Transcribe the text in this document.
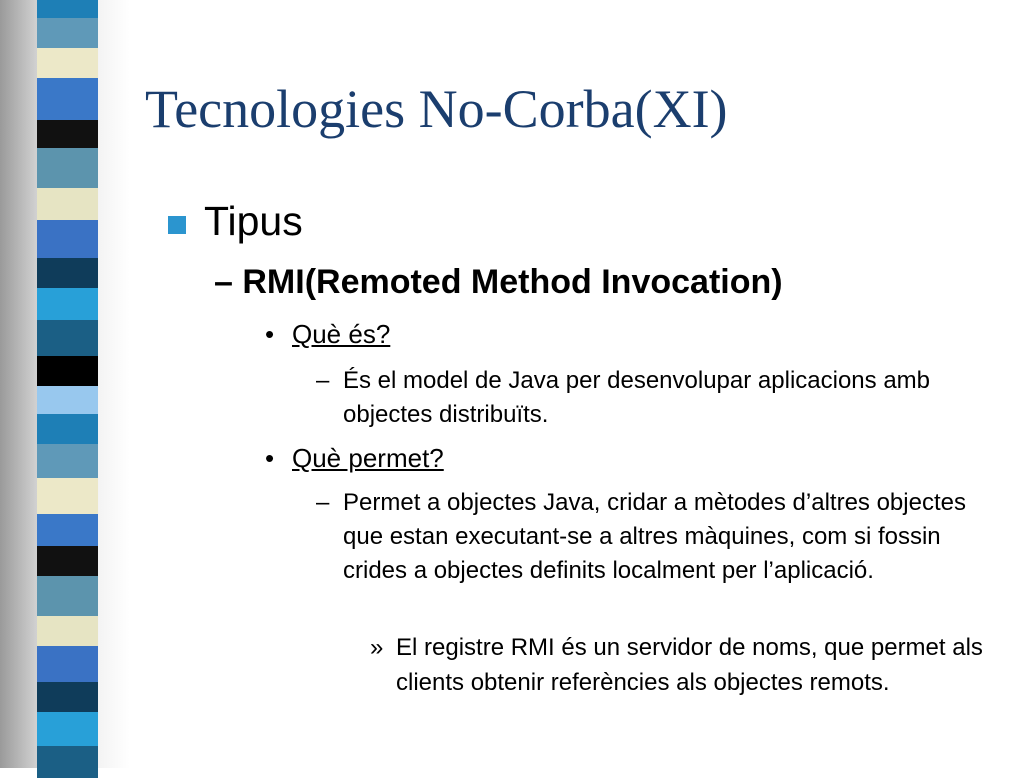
Tecnologies No-Corba(XI)
Tipus
– RMI(Remoted Method Invocation)
• Què és?
– És el model de Java per desenvolupar aplicacions amb objectes distribuïts.
• Què permet?
– Permet a objectes Java, cridar a mètodes d’altres objectes que estan executant-se a altres màquines, com si fossin crides a objectes definits localment per l’aplicació.
» El registre RMI és un servidor de noms, que permet als clients obtenir referències als objectes remots.
